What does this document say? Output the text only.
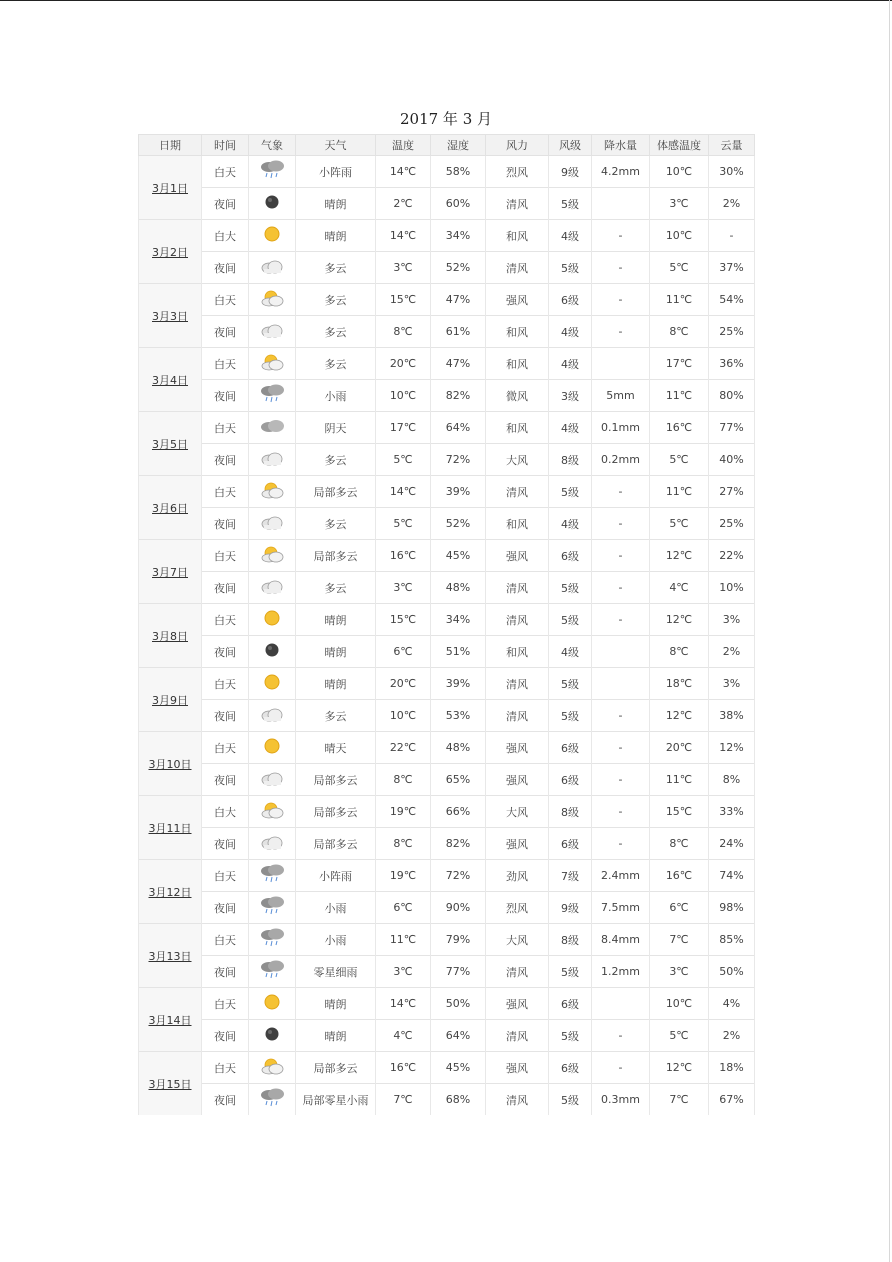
2017 年 3 月
日期	时间	气象	天气	温度	湿度	风力	风级	降水量	体感温度	云量
3月1日	白天		小阵雨	14℃	58%	烈风	9级	4.2mm	10℃	30%
	夜间		晴朗	2℃	60%	清风	5级		3℃	2%
3月2日	白大		晴朗	14℃	34%	和风	4级	-	10℃	-
	夜间		多云	3℃	52%	清风	5级	-	5℃	37%
3月3日	白天		多云	15℃	47%	强风	6级	-	11℃	54%
	夜间		多云	8℃	61%	和风	4级	-	8℃	25%
3月4日	白天		多云	20℃	47%	和风	4级		17℃	36%
	夜间		小雨	10℃	82%	微风	3级	5mm	11℃	80%
3月5日	白天		阴天	17℃	64%	和风	4级	0.1mm	16℃	77%
	夜间		多云	5℃	72%	大风	8级	0.2mm	5℃	40%
3月6日	白天		局部多云	14℃	39%	清风	5级	-	11℃	27%
	夜间		多云	5℃	52%	和风	4级	-	5℃	25%
3月7日	白天		局部多云	16℃	45%	强风	6级	-	12℃	22%
	夜间		多云	3℃	48%	清风	5级	-	4℃	10%
3月8日	白天		晴朗	15℃	34%	清风	5级	-	12℃	3%
	夜间		晴朗	6℃	51%	和风	4级		8℃	2%
3月9日	白天		晴朗	20℃	39%	清风	5级		18℃	3%
	夜间		多云	10℃	53%	清风	5级	-	12℃	38%
3月10日	白天		晴天	22℃	48%	强风	6级	-	20℃	12%
	夜间		局部多云	8℃	65%	强风	6级	-	11℃	8%
3月11日	白大		局部多云	19℃	66%	大风	8级	-	15℃	33%
	夜间		局部多云	8℃	82%	强风	6级	-	8℃	24%
3月12日	白天		小阵雨	19℃	72%	劲风	7级	2.4mm	16℃	74%
	夜间		小雨	6℃	90%	烈风	9级	7.5mm	6℃	98%
3月13日	白天		小雨	11℃	79%	大风	8级	8.4mm	7℃	85%
	夜间		零星细雨	3℃	77%	清风	5级	1.2mm	3℃	50%
3月14日	白天		晴朗	14℃	50%	强风	6级		10℃	4%
	夜间		晴朗	4℃	64%	清风	5级	-	5℃	2%
3月15日	白天		局部多云	16℃	45%	强风	6级	-	12℃	18%
	夜间		局部零星小雨	7℃	68%	清风	5级	0.3mm	7℃	67%
